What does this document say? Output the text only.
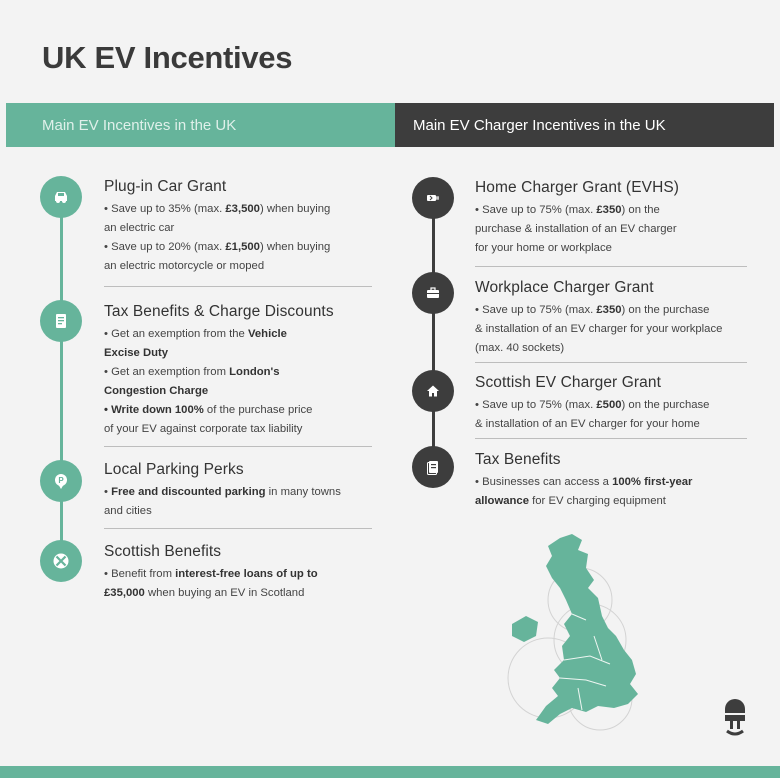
UK EV Incentives
Main EV Incentives in the UK	Main EV Charger Incentives in the UK
P
Plug-in Car Grant

• Save up to 35% (max. £3,500) when buying
an electric car
• Save up to 20% (max. £1,500) when buying
an electric motorcycle or moped

Tax Benefits & Charge Discounts

• Get an exemption from the Vehicle
Excise Duty
• Get an exemption from London's
Congestion Charge
• Write down 100% of the purchase price
of your EV against corporate tax liability

Local Parking Perks

• Free and discounted parking in many towns
and cities

Scottish Benefits

• Benefit from interest-free loans of up to
£35,000 when buying an EV in Scotland

Home Charger Grant (EVHS)

• Save up to 75% (max. £350) on the
purchase & installation of an EV charger
for your home or workplace

Workplace Charger Grant

• Save up to 75% (max. £350) on the purchase
& installation of an EV charger for your workplace
(max. 40 sockets)

Scottish EV Charger Grant

• Save up to 75% (max. £500) on the purchase
& installation of an EV charger for your home

Tax Benefits

• Businesses can access a 100% first-year
allowance for EV charging equipment
